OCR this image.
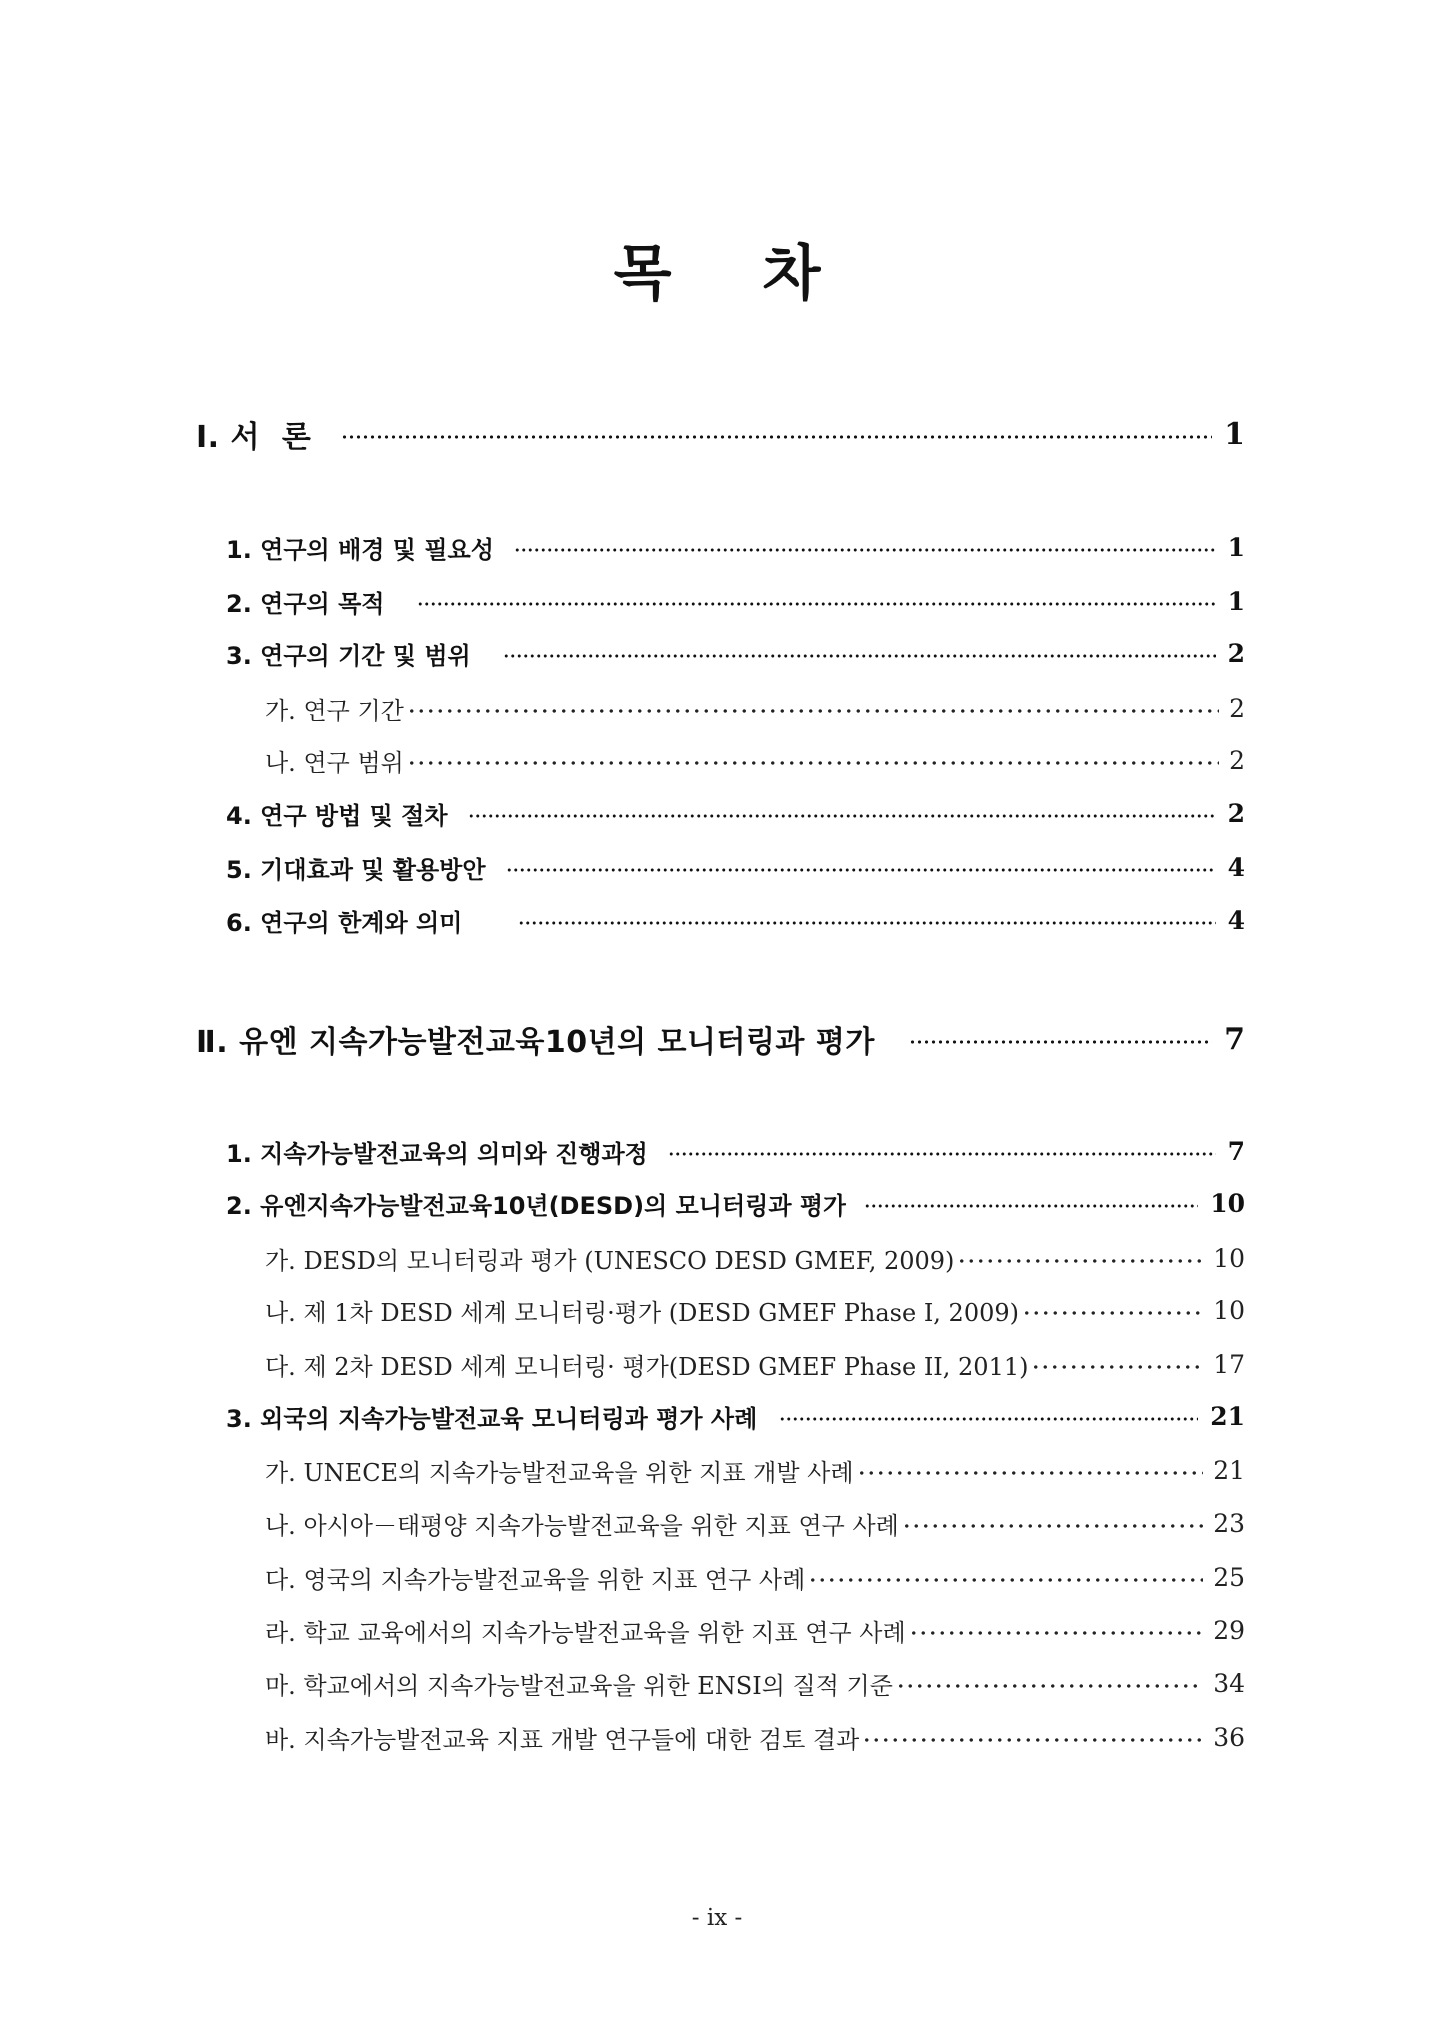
목 차
I. 서  론	1
1. 연구의 배경 및 필요성	1
2. 연구의 목적	1
3. 연구의 기간 및 범위	2
가. 연구 기간	2
나. 연구 범위	2
4. 연구 방법 및 절차	2
5. 기대효과 및 활용방안	4
6. 연구의 한계와 의미	4
Ⅱ. 유엔 지속가능발전교육10년의 모니터링과 평가	7
1. 지속가능발전교육의 의미와 진행과정	7
2. 유엔지속가능발전교육10년(DESD)의 모니터링과 평가	10
가. DESD의 모니터링과 평가 (UNESCO DESD GMEF, 2009)	10
나. 제 1차 DESD 세계 모니터링·평가 (DESD GMEF Phase Ⅰ, 2009)	10
다. 제 2차 DESD 세계 모니터링· 평가(DESD GMEF Phase II, 2011)	17
3. 외국의 지속가능발전교육 모니터링과 평가 사례	21
가. UNECE의 지속가능발전교육을 위한 지표 개발 사례	21
나. 아시아－태평양 지속가능발전교육을 위한 지표 연구 사례	23
다. 영국의 지속가능발전교육을 위한 지표 연구 사례	25
라. 학교 교육에서의 지속가능발전교육을 위한 지표 연구 사례	29
마. 학교에서의 지속가능발전교육을 위한 ENSI의 질적 기준	34
바. 지속가능발전교육 지표 개발 연구들에 대한 검토 결과	36
- ix -
